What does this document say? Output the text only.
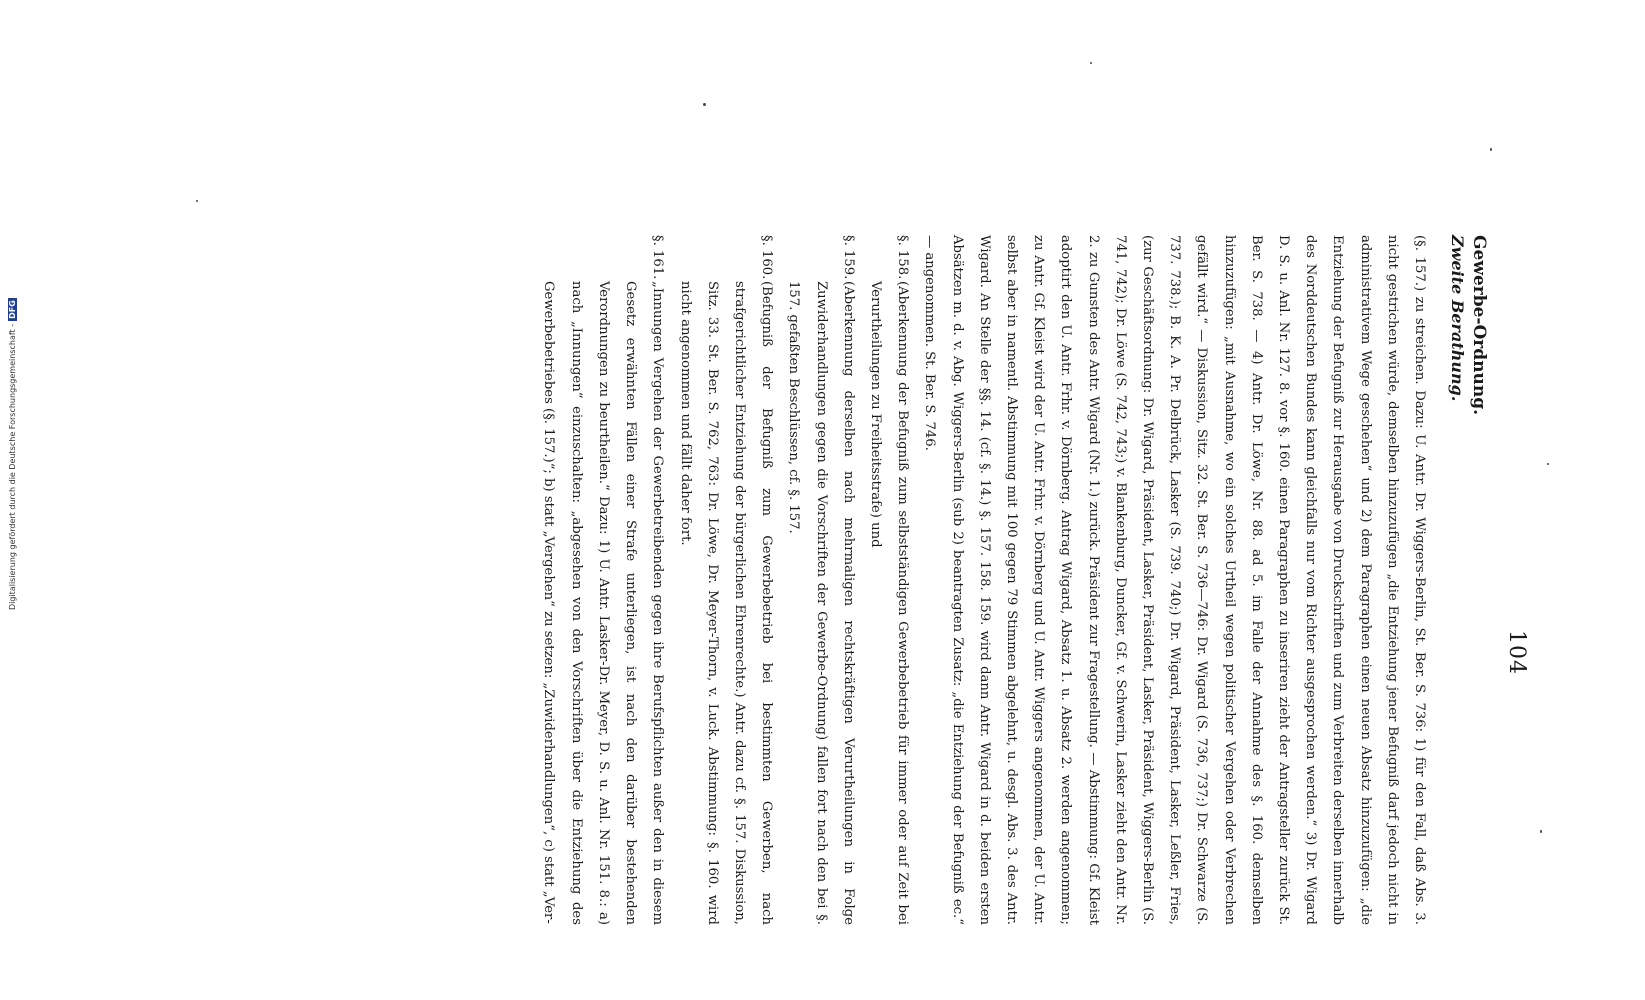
104
Gewerbe-Ordnung.
Zweite Berathung.
(§. 157.) zu streichen. Dazu: U. Antr. Dr. Wiggers-Berlin, St. Ber. S. 736: 1) für den Fall, daß Abs. 3. nicht gestrichen würde, demselben hinzuzufügen „die Entziehung jener Befugniß darf jedoch nicht in administrativem Wege geschehen“ und 2) dem Paragraphen einen neuen Absatz hinzuzufügen: „die Entziehung der Befugniß zur Herausgabe von Druckschriften und zum Verbreiten derselben innerhalb des Norddeutschen Bundes kann gleichfalls nur vom Richter ausgesprochen werden.“ 3) Dr. Wigard D. S. u. Anl. Nr. 127. 8. vor §. 160. einen Paragraphen zu inseriren zieht der Antragsteller zurück St. Ber. S. 738. — 4) Antr. Dr. Löwe, Nr. 88. ad 5. im Falle der Annahme des §. 160. demselben hinzuzufügen: „mit Ausnahme, wo ein solches Urtheil wegen politischer Vergehen oder Verbrechen gefällt wird.“ — Diskussion, Sitz. 32. St. Ber. S. 736—746: Dr. Wigard (S. 736, 737;) Dr. Schwarze (S. 737. 738.); B. K. A. Pr. Delbrück, Lasker (S. 739. 740;) Dr. Wigard, Präsident, Lasker, Leßler, Fries, (zur Geschäftsordnung: Dr. Wigard, Präsident, Lasker, Präsident, Lasker, Präsident, Wiggers-Berlin (S. 741, 742); Dr. Löwe (S. 742, 743;) v. Blankenburg, Duncker, Gf. v. Schwerin, Lasker zieht den Antr. Nr. 2. zu Gunsten des Antr. Wigard (Nr. 1.) zurück. Präsident zur Fragestellung. — Abstimmung: Gf. Kleist adoptirt den U. Antr. Frhr. v. Dörnberg. Antrag Wigard, Absatz 1. u. Absatz 2. werden angenommen; zu Antr. Gf. Kleist wird der U. Antr. Frhr. v. Dörnberg und U. Antr. Wiggers angenommen, der U. Antr. selbst aber in namentl. Abstimmung mit 100 gegen 79 Stimmen abgelehnt, u. desgl. Abs. 3. des Antr. Wigard. An Stelle der §§. 14. (cf. §. 14.) §. 157. 158. 159. wird dann Antr. Wigard in d. beiden ersten Absätzen m. d. v. Abg. Wiggers-Berlin (sub 2) beantragten Zusatz: „die Entziehung der Befugniß ec.“ — angenommen. St. Ber. S. 746.
§. 158.
(Aberkennung der Befugniß zum selbstständigen Gewerbebetrieb für immer oder auf Zeit bei Verurtheilungen zu Freiheitsstrafe) und
§. 159.
(Aberkennung derselben nach mehrmaligen rechtskräftigen Verurtheilungen in Folge Zuwiderhandlungen gegen die Vorschriften der Gewerbe-Ordnung) fallen fort nach den bei §. 157. gefaßten Beschlüssen, cf. §. 157.
§. 160.
(Befugniß der Befugniß zum Gewerbebetrieb bei bestimmten Gewerben, nach strafgerichtlicher Entziehung der bürgerlichen Ehrenrechte.) Antr. dazu cf. §. 157. Diskussion, Sitz. 33. St. Ber. S. 762, 763: Dr. Löwe, Dr. Meyer-Thorn, v. Luck. Abstimmung: §. 160. wird nicht angenommen und fällt daher fort.
§. 161.
„Innungen Vergehen der Gewerbetreibenden gegen ihre Berufspflichten außer den in diesem Gesetz erwähnten Fällen einer Strafe unterliegen, ist nach den darüber bestehenden Verordnungen zu beurtheilen.“ Dazu: 1) U. Antr. Lasker-Dr. Meyer, D. S. u. Anl. Nr. 151. 8.: a) nach „Innungen“ einzuschalten: „abgesehen von den Vorschriften über die Entziehung des Gewerbebetriebes (§. 157.)“; b) statt „Vergehen“ zu setzen: „Zuwiderhandlungen“, c) statt „Ver-
Digitalisierung gefördert durch die Deutsche Forschungsgemeinschaft -DFG
